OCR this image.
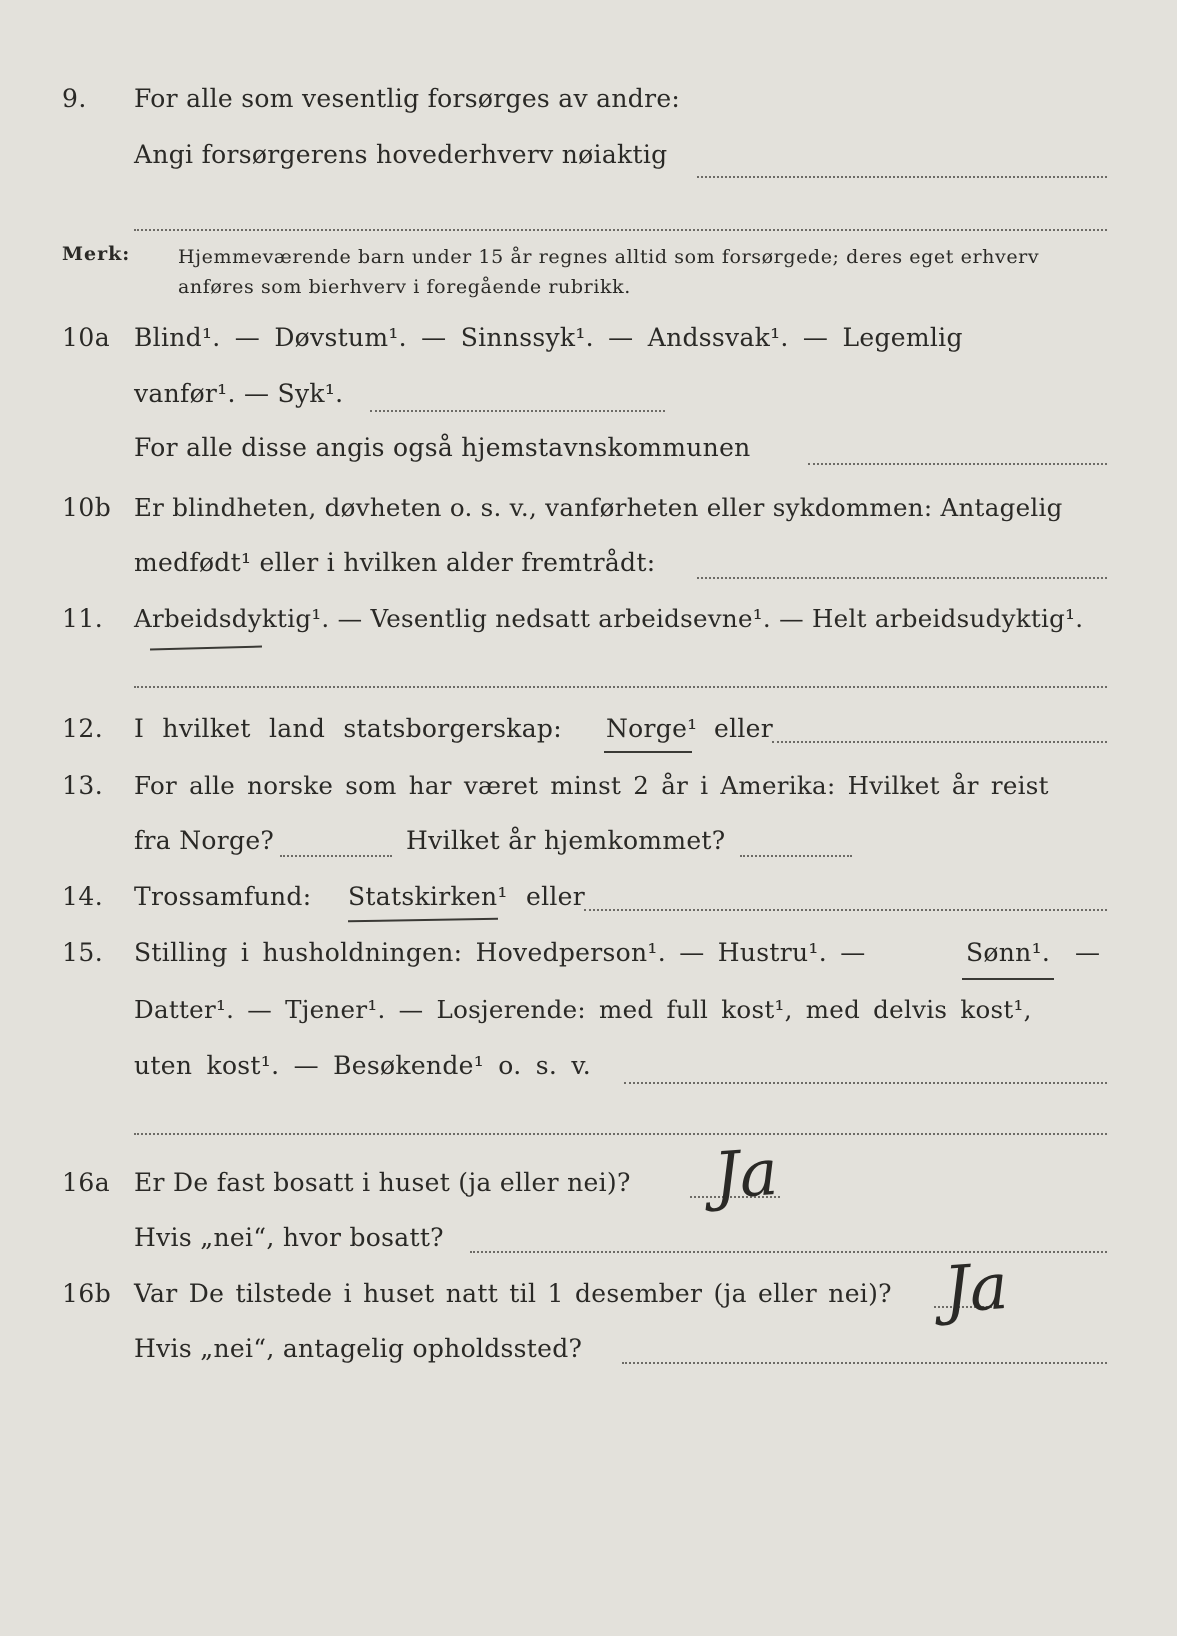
9. For alle som vesentlig forsørges av andre:
Angi forsørgerens hovederhverv nøiaktig
Merk:	Hjemmeværende barn under 15 år regnes alltid som forsørgede; deres eget erhverv
anføres som bierhverv i foregående rubrikk.
10a Blind¹. — Døvstum¹. — Sinnssyk¹. — Andssvak¹. — Legemlig
vanfør¹. — Syk¹.
For alle disse angis også hjemstavnskommunen
10b Er blindheten, døvheten o. s. v., vanførheten eller sykdommen: Antagelig
medfødt¹ eller i hvilken alder fremtrådt:
11. Arbeidsdyktig¹. — Vesentlig nedsatt arbeidsevne¹. — Helt arbeidsudyktig¹.
12. I hvilket land statsborgerskap: Norge¹ eller
13. For alle norske som har været minst 2 år i Amerika: Hvilket år reist
fra Norge?	Hvilket år hjemkommet?
14. Trossamfund: Statskirken¹ eller
15. Stilling i husholdningen: Hovedperson¹. — Hustru¹. —	Sønn¹. —
Datter¹. — Tjener¹. — Losjerende: med full kost¹, med delvis kost¹,
uten kost¹. — Besøkende¹ o. s. v.
16a Er De fast bosatt i huset (ja eller nei)? Ja
Hvis „nei“, hvor bosatt?
16b Var De tilstede i huset natt til 1 desember (ja eller nei)? Ja
Hvis „nei“, antagelig opholdssted?
